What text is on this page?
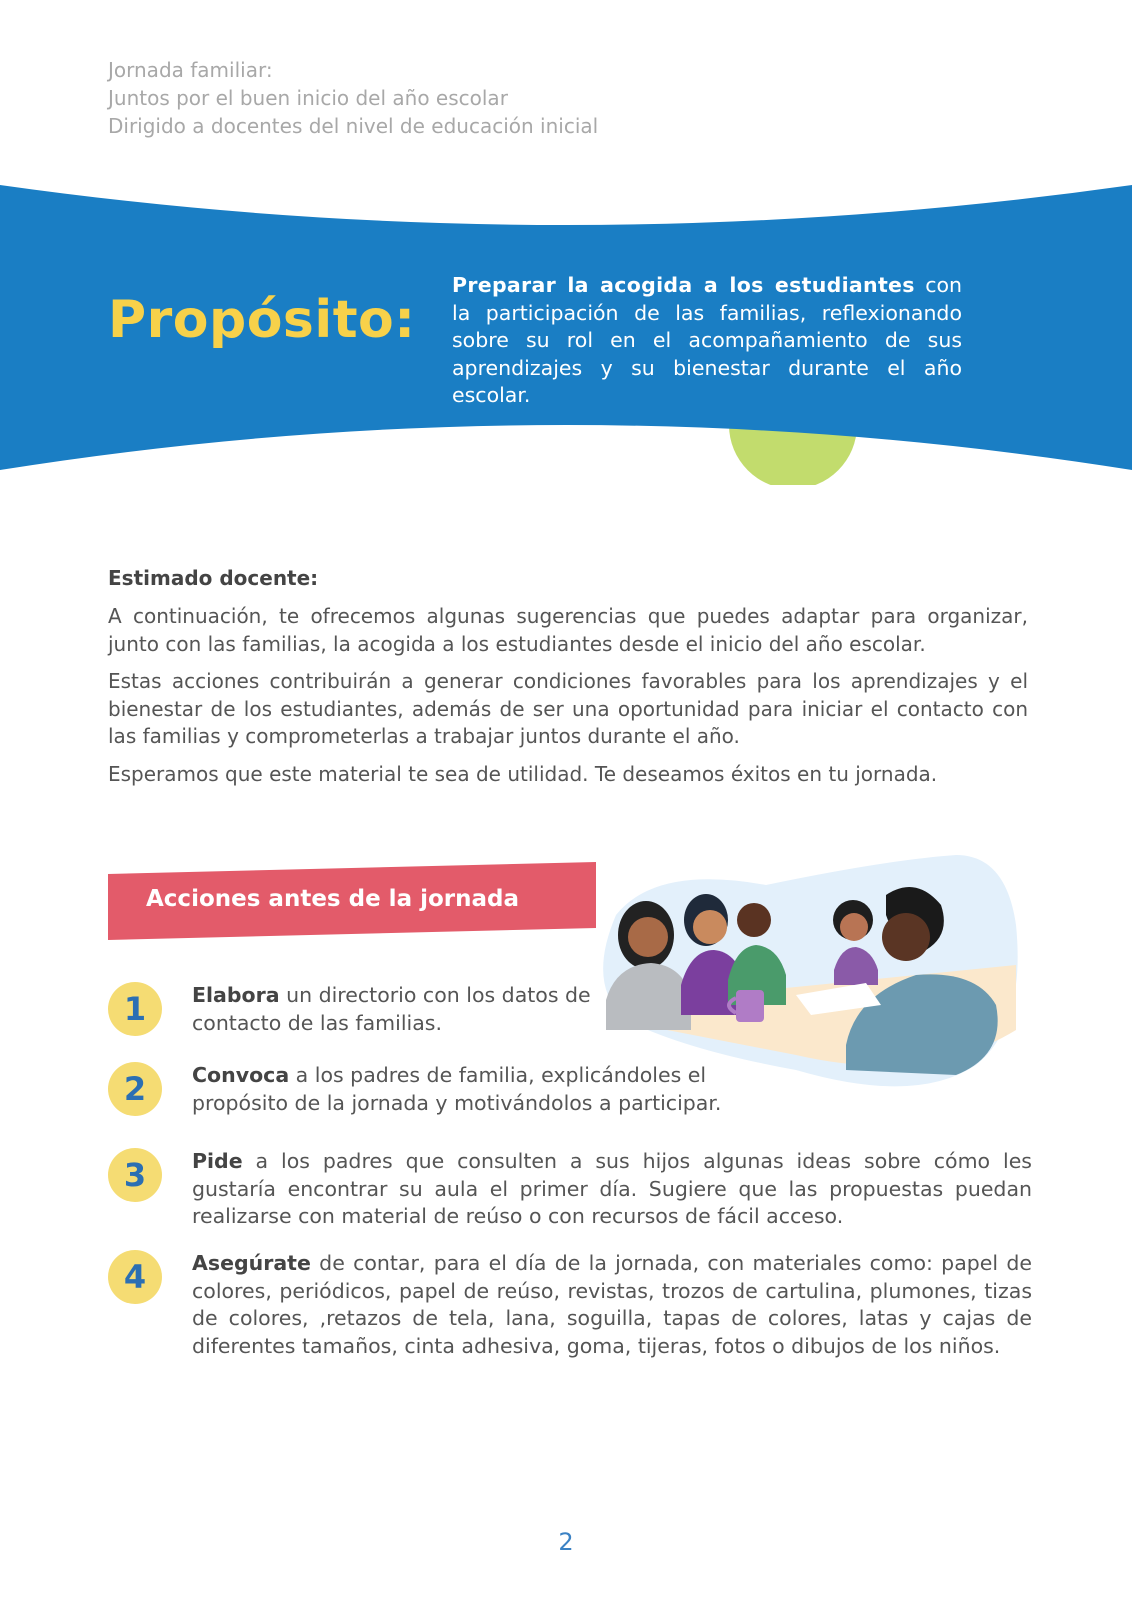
Jornada familiar:
Juntos por el buen inicio del año escolar
Dirigido a docentes del nivel de educación inicial
Propósito:
Preparar la acogida a los estudiantes con la participación de las familias, reflexionando sobre su rol en el acompañamiento de sus aprendizajes y su bienestar durante el año escolar.
Estimado docente:

A continuación, te ofrecemos algunas sugerencias que puedes adaptar para organizar, junto con las familias, la acogida a los estudiantes desde el inicio del año escolar.

Estas acciones contribuirán a generar condiciones favorables para los aprendizajes y el bienestar de los estudiantes, además de ser una oportunidad para iniciar el contacto con las familias y comprometerlas a trabajar juntos durante el año.

Esperamos que este material te sea de utilidad. Te deseamos éxitos en tu jornada.

Acciones antes de la jornada
1	Elabora un directorio con los datos de contacto de las familias.
2	Convoca a los padres de familia, explicándoles el propósito de la jornada y motivándolos a participar.
3	Pide a los padres que consulten a sus hijos algunas ideas sobre cómo les gustaría encontrar su aula el primer día. Sugiere que las propuestas puedan realizarse con material de reúso o con recursos de fácil acceso.
4	Asegúrate de contar, para el día de la jornada, con materiales como: papel de colores, periódicos, papel de reúso, revistas, trozos de cartulina, plumones, tizas de colores, ,retazos de tela, lana, soguilla, tapas de colores, latas y cajas de diferentes tamaños, cinta adhesiva, goma, tijeras, fotos o dibujos de los niños.
2
